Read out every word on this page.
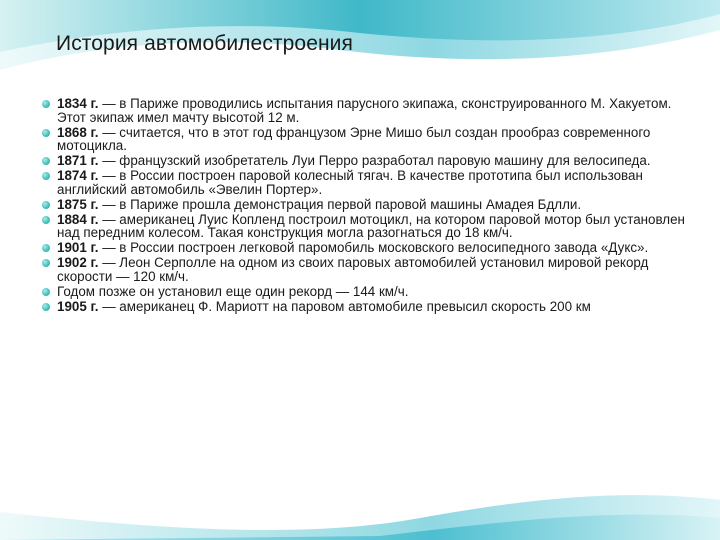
История автомобилестроения
1834 г. — в Париже проводились испытания парусного экипажа, сконструированного М. Хакуетом. Этот экипаж имел мачту высотой 12 м.
1868 г. — считается, что в этот год французом Эрне Мишо был создан прообраз современного мотоцикла.
1871 г. — французский изобретатель Луи Перро разработал паровую машину для велосипеда.
1874 г. — в России построен паровой колесный тягач. В качестве прототипа был использован английский автомобиль «Эвелин Портер».
1875 г. — в Париже прошла демонстрация первой паровой машины Амадея Бдлли.
1884 г. — американец Луис Копленд построил мотоцикл, на котором паровой мотор был установлен над передним колесом. Такая конструкция могла разогнаться до 18 км/ч.
1901 г. — в России построен легковой паромобиль московского велосипедного завода «Дукс».
1902 г. — Леон Серполле на одном из своих паровых автомобилей установил мировой рекорд скорости — 120 км/ч.
Годом позже он установил еще один рекорд — 144 км/ч.
1905 г. — американец Ф. Мариотт на паровом автомобиле превысил скорость 200 км
